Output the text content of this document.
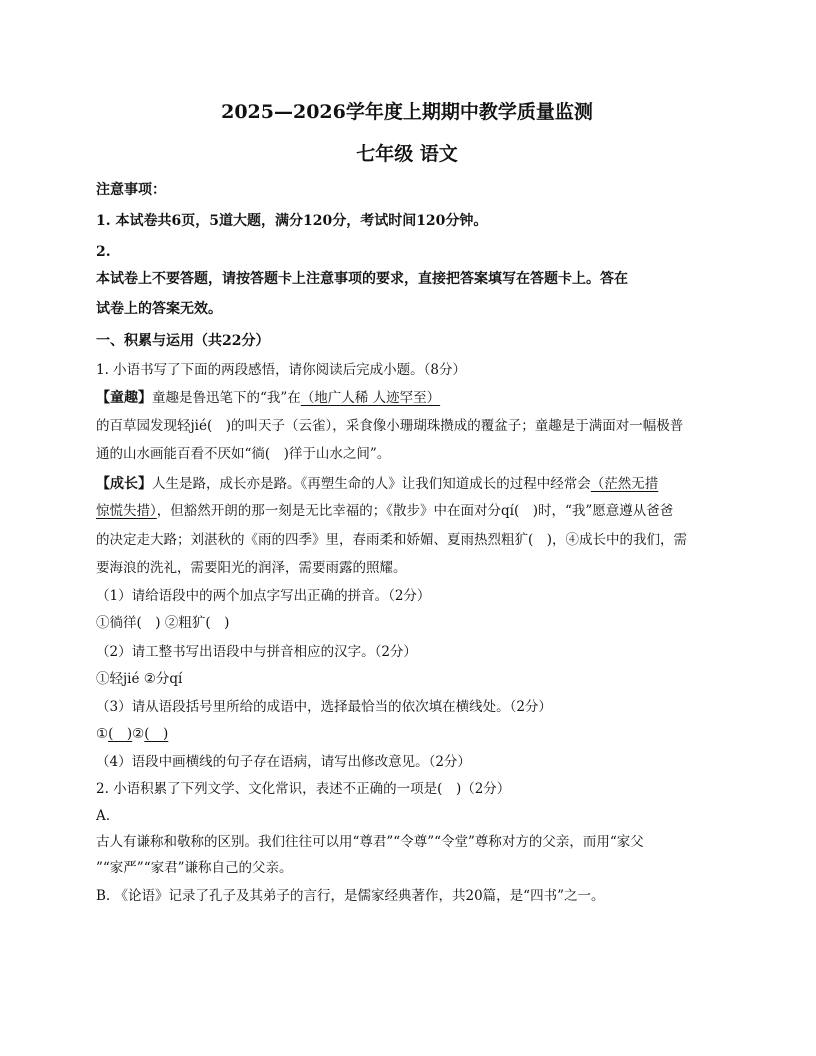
2025—2026学年度上期期中教学质量监测
七年级 语文
注意事项：
1. 本试卷共6页，5道大题，满分120分，考试时间120分钟。
2.
本试卷上不要答题，请按答题卡上注意事项的要求，直接把答案填写在答题卡上。答在
试卷上的答案无效。
一、积累与运用（共22分）
1. 小语书写了下面的两段感悟，请你阅读后完成小题。（8分）
【童趣】童趣是鲁迅笔下的“我”在（地广人稀 人迹罕至）
的百草园发现轻jié(　)的叫天子（云雀），采食像小珊瑚珠攒成的覆盆子；童趣是于满面对一幅极普
通的山水画能百看不厌如“徜(　)徉于山水之间”。
【成长】人生是路，成长亦是路。《再塑生命的人》让我们知道成长的过程中经常会（茫然无措
惊慌失措），但豁然开朗的那一刻是无比幸福的；《散步》中在面对分qí(　)时，“我”愿意遵从爸爸
的决定走大路；刘湛秋的《雨的四季》里，春雨柔和娇媚、夏雨热烈粗犷(　)，④成长中的我们，需
要海浪的洗礼，需要阳光的润泽，需要雨露的照耀。
（1）请给语段中的两个加点字写出正确的拼音。（2分）
①徜徉(　) ②粗犷(　)
（2）请工整书写出语段中与拼音相应的汉字。（2分）
①轻jié ②分qí
（3）请从语段括号里所给的成语中，选择最恰当的依次填在横线处。（2分）
①(　)②(　)
（4）语段中画横线的句子存在语病，请写出修改意见。（2分）
2. 小语积累了下列文学、文化常识，表述不正确的一项是(　)（2分）
A.
古人有谦称和敬称的区别。我们往往可以用“尊君”“令尊”“令堂”尊称对方的父亲，而用“家父
”“家严”“家君”谦称自己的父亲。
B. 《论语》记录了孔子及其弟子的言行，是儒家经典著作，共20篇，是“四书”之一。
